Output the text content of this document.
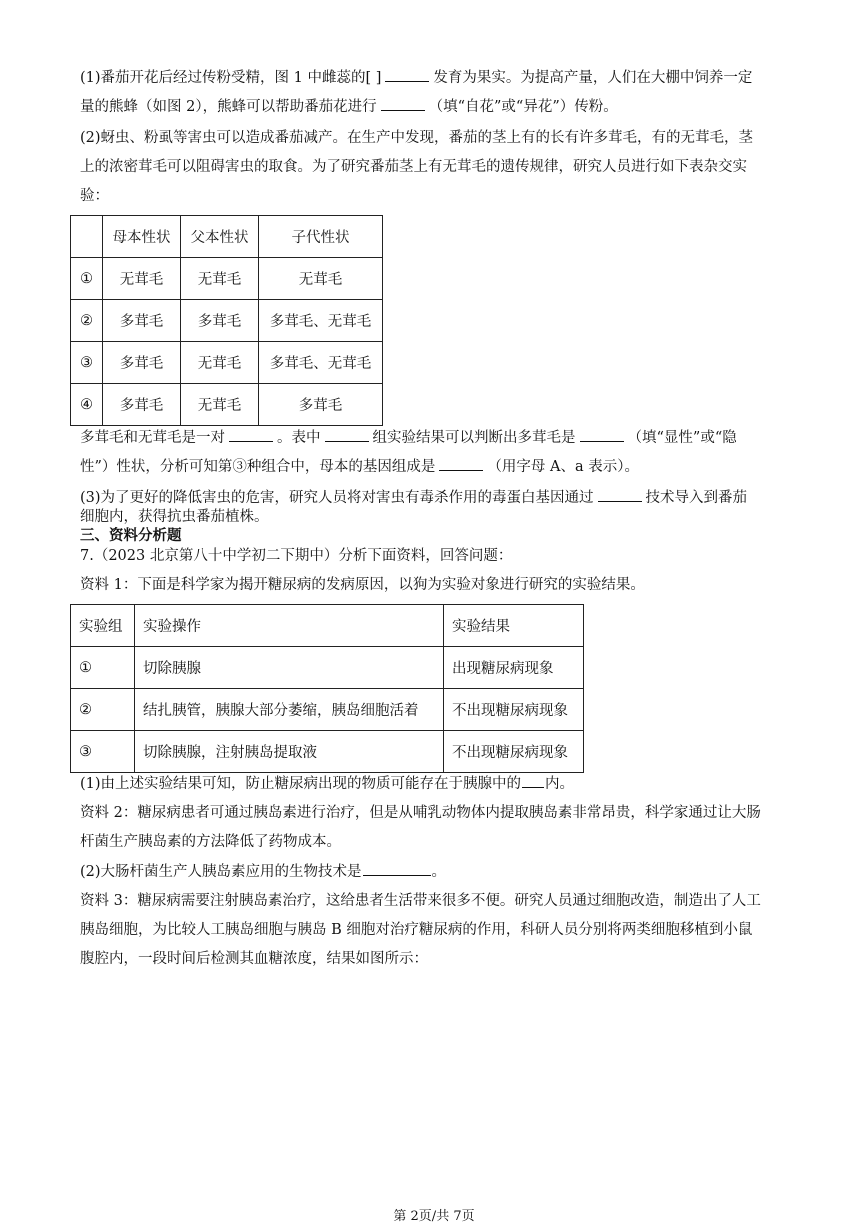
(1)番茄开花后经过传粉受精，图 1 中雌蕊的[ ]	发育为果实。为提高产量，人们在大棚中饲养一定
量的熊蜂（如图 2），熊蜂可以帮助番茄花进行	（填“自花”或“异花”）传粉。
(2)蚜虫、粉虱等害虫可以造成番茄减产。在生产中发现，番茄的茎上有的长有许多茸毛，有的无茸毛，茎
上的浓密茸毛可以阻碍害虫的取食。为了研究番茄茎上有无茸毛的遗传规律，研究人员进行如下表杂交实
验：
	母本性状	父本性状	子代性状
①	无茸毛	无茸毛	无茸毛
②	多茸毛	多茸毛	多茸毛、无茸毛
③	多茸毛	无茸毛	多茸毛、无茸毛
④	多茸毛	无茸毛	多茸毛
多茸毛和无茸毛是一对	。表中	组实验结果可以判断出多茸毛是	（填“显性”或“隐
性”）性状，分析可知第③种组合中，母本的基因组成是	（用字母 A、a 表示）。
(3)为了更好的降低害虫的危害，研究人员将对害虫有毒杀作用的毒蛋白基因通过	技术导入到番茄
细胞内，获得抗虫番茄植株。
三、资料分析题
7.（2023 北京第八十中学初二下期中）分析下面资料，回答问题：
资料 1：下面是科学家为揭开糖尿病的发病原因，以狗为实验对象进行研究的实验结果。
实验组	实验操作	实验结果
①	切除胰腺	出现糖尿病现象
②	结扎胰管，胰腺大部分萎缩，胰岛细胞活着	不出现糖尿病现象
③	切除胰腺，注射胰岛提取液	不出现糖尿病现象
(1)由上述实验结果可知，防止糖尿病出现的物质可能存在于胰腺中的 内。
资料 2：糖尿病患者可通过胰岛素进行治疗，但是从哺乳动物体内提取胰岛素非常昂贵，科学家通过让大肠
杆菌生产胰岛素的方法降低了药物成本。
(2)大肠杆菌生产人胰岛素应用的生物技术是	。
资料 3：糖尿病需要注射胰岛素治疗，这给患者生活带来很多不便。研究人员通过细胞改造，制造出了人工
胰岛细胞，为比较人工胰岛细胞与胰岛 B 细胞对治疗糖尿病的作用，科研人员分别将两类细胞移植到小鼠
腹腔内，一段时间后检测其血糖浓度，结果如图所示：
第 2页/共 7页
